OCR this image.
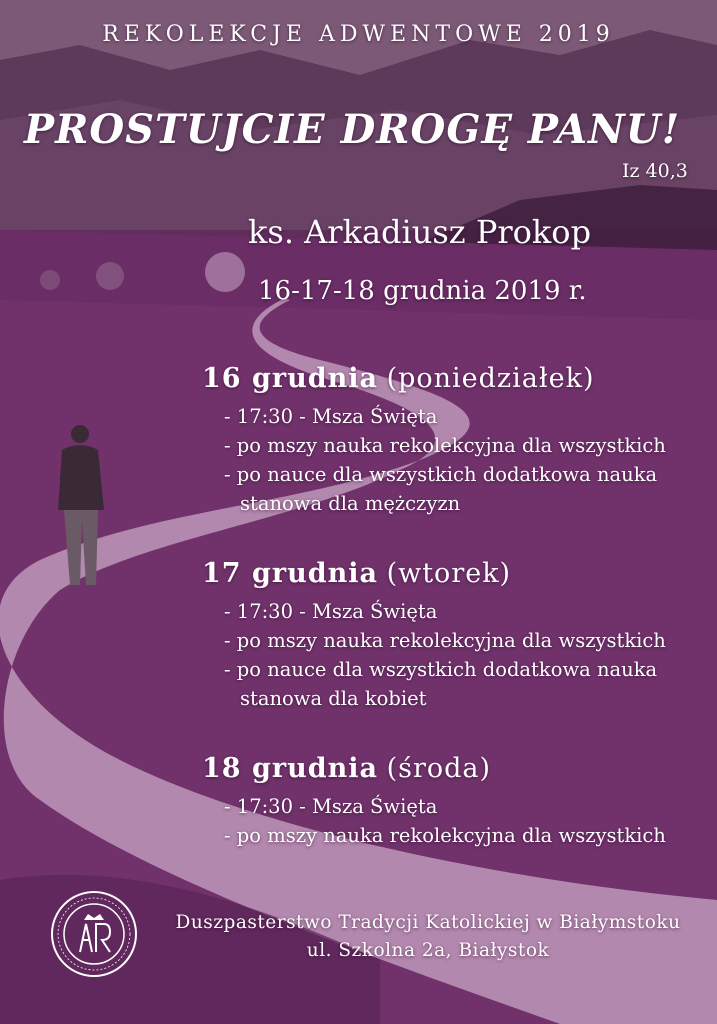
REKOLEKCJE ADWENTOWE 2019
PROSTUJCIE DROGĘ PANU!
Iz 40,3
ks. Arkadiusz Prokop
16-17-18 grudnia 2019 r.
16 grudnia (poniedziałek)
- 17:30 - Msza Święta
- po mszy nauka rekolekcyjna dla wszystkich
- po nauce dla wszystkich dodatkowa nauka
stanowa dla mężczyzn
17 grudnia (wtorek)
- 17:30 - Msza Święta
- po mszy nauka rekolekcyjna dla wszystkich
- po nauce dla wszystkich dodatkowa nauka
stanowa dla kobiet
18 grudnia (środa)
- 17:30 - Msza Święta
- po mszy nauka rekolekcyjna dla wszystkich
Duszpasterstwo Tradycji Katolickiej w Białymstoku
ul. Szkolna 2a, Białystok
